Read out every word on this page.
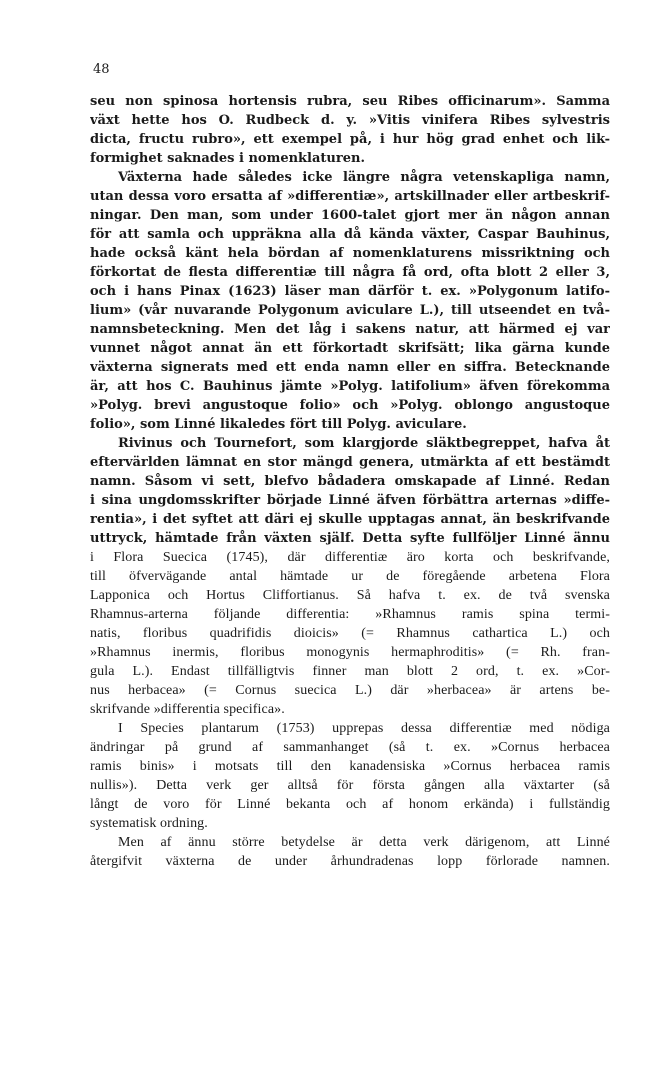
48
seu non spinosa hortensis rubra, seu Ribes officinarum». Samma
växt hette hos O. Rudbeck d. y. »Vitis vinifera Ribes sylvestris
dicta, fructu rubro», ett exempel på, i hur hög grad enhet och lik-
formighet saknades i nomenklaturen.
Växterna hade således icke längre några vetenskapliga namn,
utan dessa voro ersatta af »differentiæ», artskillnader eller artbeskrif-
ningar. Den man, som under 1600-talet gjort mer än någon annan
för att samla och uppräkna alla då kända växter, Caspar Bauhinus,
hade också känt hela bördan af nomenklaturens missriktning och
förkortat de flesta differentiæ till några få ord, ofta blott 2 eller 3,
och i hans Pinax (1623) läser man därför t. ex. »Polygonum latifo-
lium» (vår nuvarande Polygonum aviculare L.), till utseendet en två-
namnsbeteckning. Men det låg i sakens natur, att härmed ej var
vunnet något annat än ett förkortadt skrifsätt; lika gärna kunde
växterna signerats med ett enda namn eller en siffra. Betecknande
är, att hos C. Bauhinus jämte »Polyg. latifolium» äfven förekomma
»Polyg. brevi angustoque folio» och »Polyg. oblongo angustoque
folio», som Linné likaledes fört till Polyg. aviculare.
Rivinus och Tournefort, som klargjorde släktbegreppet, hafva åt
eftervärlden lämnat en stor mängd genera, utmärkta af ett bestämdt
namn. Såsom vi sett, blefvo bådadera omskapade af Linné. Redan
i sina ungdomsskrifter började Linné äfven förbättra arternas »diffe-
rentia», i det syftet att däri ej skulle upptagas annat, än beskrifvande
uttryck, hämtade från växten själf. Detta syfte fullföljer Linné ännu
i Flora Suecica (1745), där differentiæ äro korta och beskrifvande,
till öfvervägande antal hämtade ur de föregående arbetena Flora
Lapponica och Hortus Cliffortianus. Så hafva t. ex. de två svenska
Rhamnus-arterna följande differentia: »Rhamnus ramis spina termi-
natis, floribus quadrifidis dioicis» (= Rhamnus cathartica L.) och
»Rhamnus inermis, floribus monogynis hermaphroditis» (= Rh. fran-
gula L.). Endast tillfälligtvis finner man blott 2 ord, t. ex. »Cor-
nus herbacea» (= Cornus suecica L.) där »herbacea» är artens be-
skrifvande »differentia specifica».
I Species plantarum (1753) upprepas dessa differentiæ med nödiga
ändringar på grund af sammanhanget (så t. ex. »Cornus herbacea
ramis binis» i motsats till den kanadensiska »Cornus herbacea ramis
nullis»). Detta verk ger alltså för första gången alla växtarter (så
långt de voro för Linné bekanta och af honom erkända) i fullständig
systematisk ordning.
Men af ännu större betydelse är detta verk därigenom, att Linné
återgifvit växterna de under århundradenas lopp förlorade namnen.
